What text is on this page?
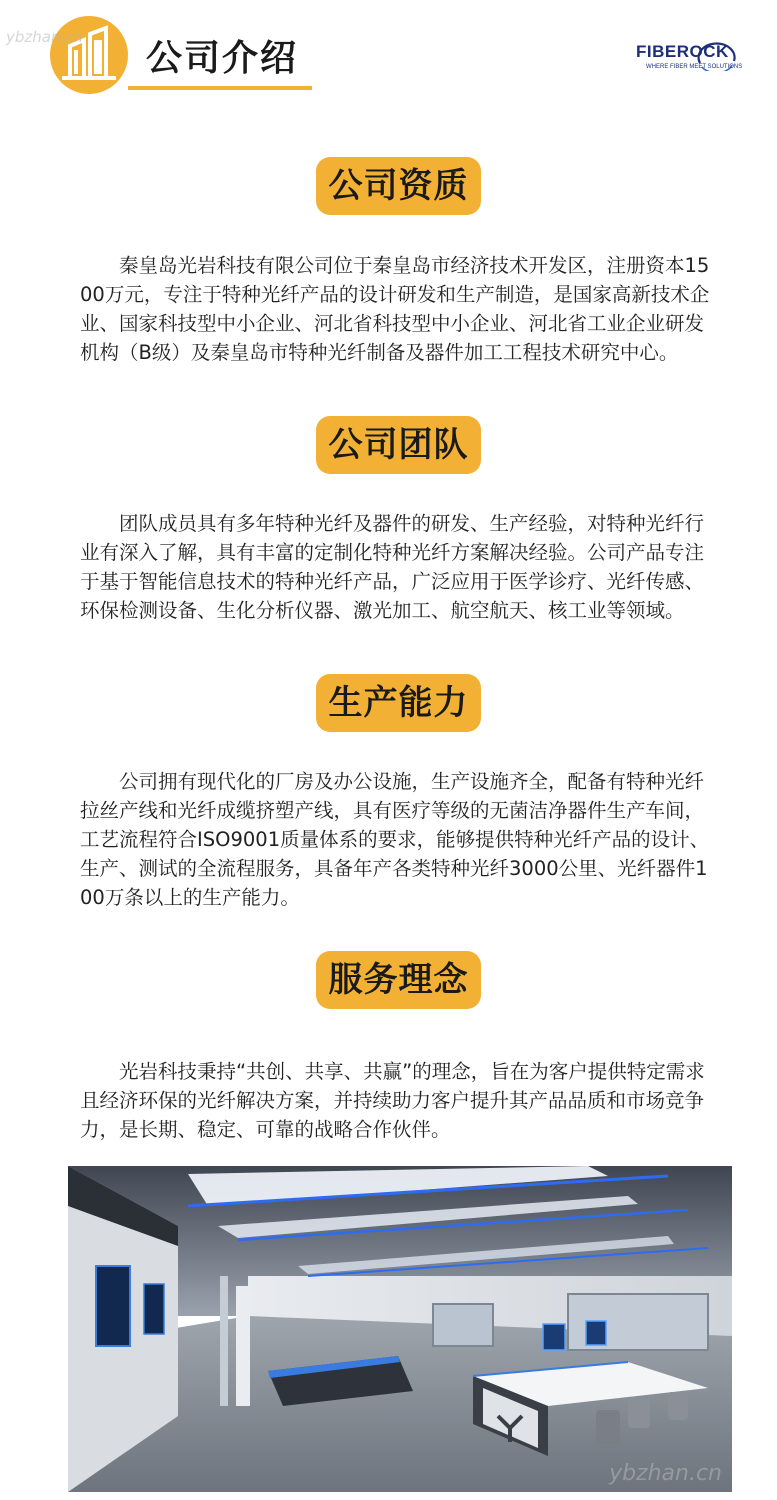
ybzhan.cn
公司介绍	FIBEROCK
WHERE FIBER MEET SOLUTIONS
公司资质
秦皇岛光岩科技有限公司位于秦皇岛市经济技术开发区，注册资本1500万元，专注于特种光纤产品的设计研发和生产制造，是国家高新技术企业、国家科技型中小企业、河北省科技型中小企业、河北省工业企业研发机构（B级）及秦皇岛市特种光纤制备及器件加工工程技术研究中心。
公司团队
团队成员具有多年特种光纤及器件的研发、生产经验，对特种光纤行业有深入了解，具有丰富的定制化特种光纤方案解决经验。公司产品专注于基于智能信息技术的特种光纤产品，广泛应用于医学诊疗、光纤传感、环保检测设备、生化分析仪器、激光加工、航空航天、核工业等领域。
生产能力
公司拥有现代化的厂房及办公设施，生产设施齐全，配备有特种光纤拉丝产线和光纤成缆挤塑产线，具有医疗等级的无菌洁净器件生产车间，工艺流程符合ISO9001质量体系的要求，能够提供特种光纤产品的设计、生产、测试的全流程服务，具备年产各类特种光纤3000公里、光纤器件100万条以上的生产能力。
服务理念
光岩科技秉持“共创、共享、共赢”的理念，旨在为客户提供特定需求且经济环保的光纤解决方案，并持续助力客户提升其产品品质和市场竞争力，是长期、稳定、可靠的战略合作伙伴。
ybzhan.cn
